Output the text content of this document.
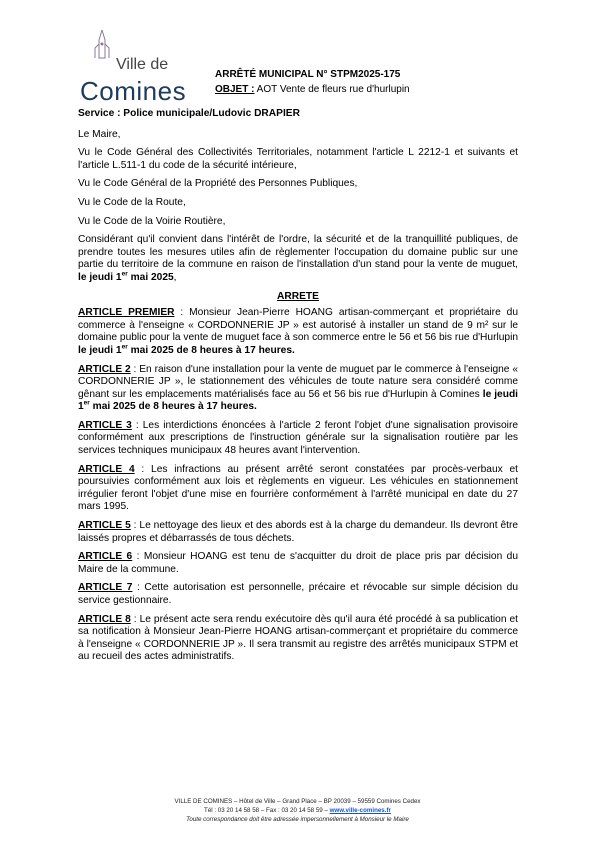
Ville de
Comines
ARRÊTÉ MUNICIPAL N° STPM2025-175
OBJET : AOT Vente de fleurs rue d'hurlupin

Service : Police municipale/Ludovic DRAPIER

Le Maire,

Vu le Code Général des Collectivités Territoriales, notamment l'article L 2212-1 et suivants et l'article L.511-1 du code de la sécurité intérieure,

Vu le Code Général de la Propriété des Personnes Publiques,

Vu le Code de la Route,

Vu le Code de la Voirie Routière,

Considérant qu'il convient dans l'intérêt de l'ordre, la sécurité et de la tranquillité publiques, de prendre toutes les mesures utiles afin de règlementer l'occupation du domaine public sur une partie du territoire de la commune en raison de l'installation d'un stand pour la vente de muguet, le jeudi 1er mai 2025,

ARRETE

ARTICLE PREMIER : Monsieur Jean-Pierre HOANG artisan-commerçant et propriétaire du commerce à l'enseigne « CORDONNERIE JP » est autorisé à installer un stand de 9 m² sur le domaine public pour la vente de muguet face à son commerce entre le 56 et 56 bis rue d'Hurlupin le jeudi 1er mai 2025 de 8 heures à 17 heures.

ARTICLE 2 : En raison d'une installation pour la vente de muguet par le commerce à l'enseigne « CORDONNERIE JP », le stationnement des véhicules de toute nature sera considéré comme gênant sur les emplacements matérialisés face au 56 et 56 bis rue d'Hurlupin à Comines le jeudi 1er mai 2025 de 8 heures à 17 heures.

ARTICLE 3 : Les interdictions énoncées à l'article 2 feront l'objet d'une signalisation provisoire conformément aux prescriptions de l'instruction générale sur la signalisation routière par les services techniques municipaux 48 heures avant l'intervention.

ARTICLE 4 : Les infractions au présent arrêté seront constatées par procès-verbaux et poursuivies conformément aux lois et règlements en vigueur. Les véhicules en stationnement irrégulier feront l'objet d'une mise en fourrière conformément à l'arrêté municipal en date du 27 mars 1995.

ARTICLE 5 : Le nettoyage des lieux et des abords est à la charge du demandeur. Ils devront être laissés propres et débarrassés de tous déchets.

ARTICLE 6 : Monsieur HOANG est tenu de s'acquitter du droit de place pris par décision du Maire de la commune.

ARTICLE 7 : Cette autorisation est personnelle, précaire et révocable sur simple décision du service gestionnaire.

ARTICLE 8 : Le présent acte sera rendu exécutoire dès qu'il aura été procédé à sa publication et sa notification à Monsieur Jean-Pierre HOANG artisan-commerçant et propriétaire du commerce à l'enseigne « CORDONNERIE JP ». Il sera transmit au registre des arrêtés municipaux STPM et au recueil des actes administratifs.

VILLE DE COMINES – Hôtel de Ville – Grand Place – BP 20039 – 59559 Comines Cedex
Tél : 03 20 14 58 58 – Fax : 03 20 14 58 59 – www.ville-comines.fr
Toute correspondance doit être adressée impersonnellement à Monsieur le Maire
